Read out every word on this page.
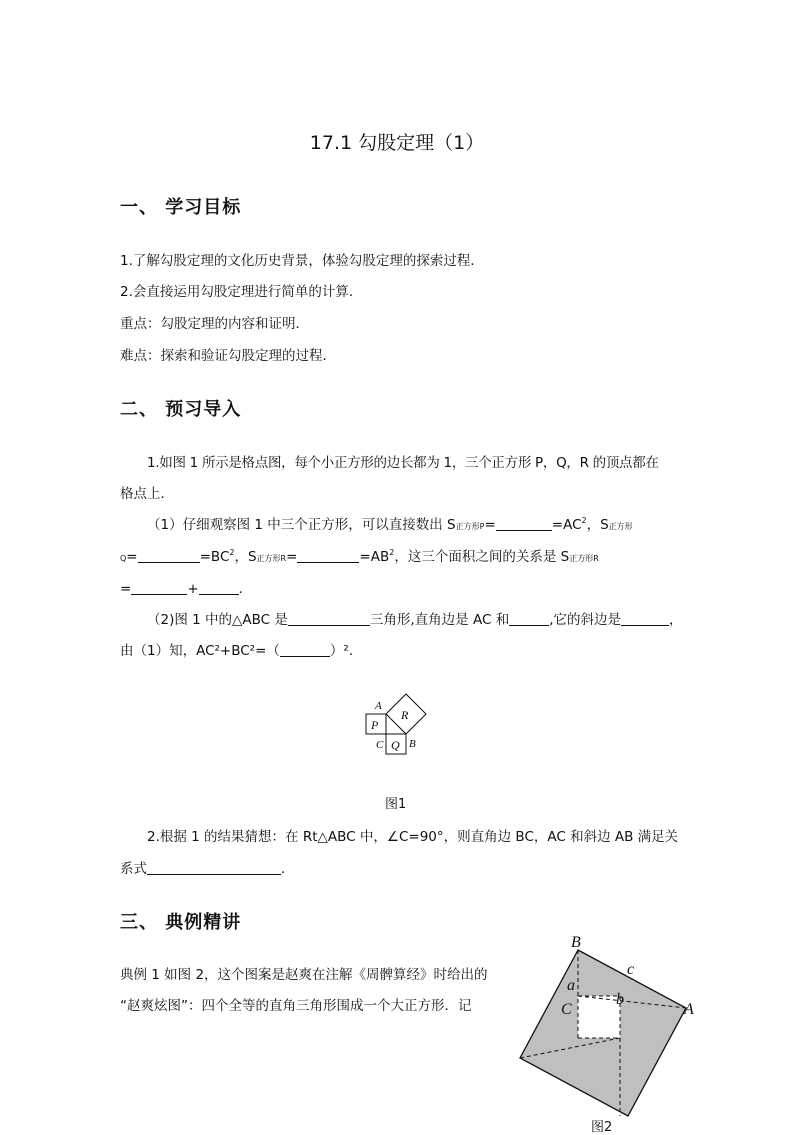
17.1 勾股定理（1）
一、 学习目标
1.了解勾股定理的文化历史背景，体验勾股定理的探索过程．
2.会直接运用勾股定理进行简单的计算．
重点：勾股定理的内容和证明．
难点：探索和验证勾股定理的过程．
二、 预习导入
1.如图 1 所示是格点图，每个小正方形的边长都为 1，三个正方形 P，Q，R 的顶点都在
格点上．
（1）仔细观察图 1 中三个正方形，可以直接数出 S正方形P=	$=AC^2$，S正方形
Q=	$=BC^2$，S正方形R=	$=AB^2$，这三个面积之间的关系是 S正方形R
=	+	．
（2)图 1 中的△ABC 是	三角形,直角边是 AC 和	,它的斜边是	，
由（1）知，AC²+BC²=（	）².
A
R
P
C Q B
图1
2.根据 1 的结果猜想：在 Rt△ABC 中，∠C=90°，则直角边 BC，AC 和斜边 AB 满足关
系式	．
三、 典例精讲
典例 1 如图 2，这个图案是赵爽在注解《周髀算经》时给出的
“赵爽炫图”：四个全等的直角三角形围成一个大正方形．记
B
c
a
b
C	A
图2
